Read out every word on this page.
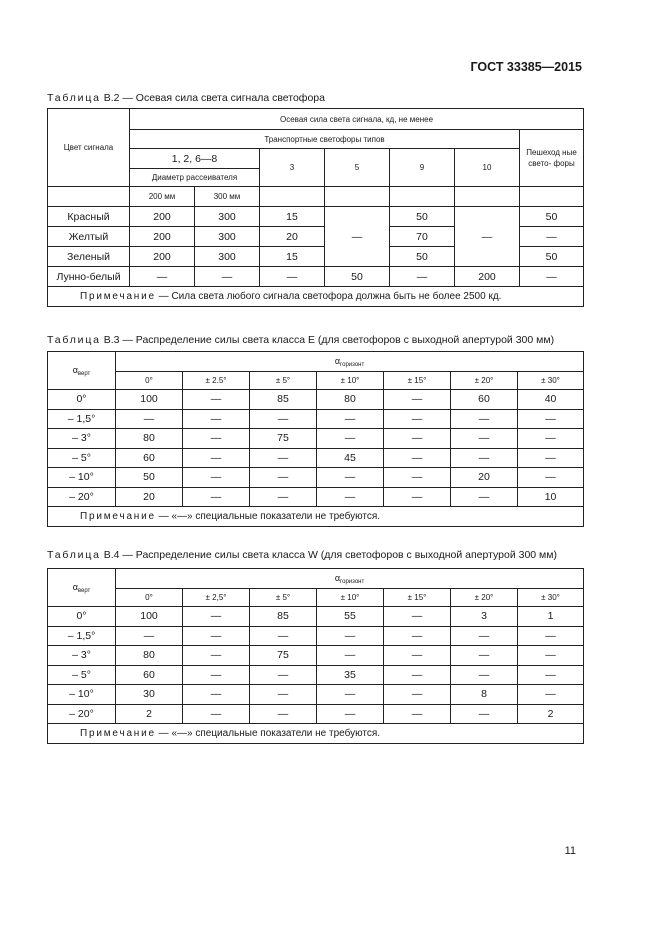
ГОСТ 33385—2015
Таблица В.2 — Осевая сила света сигнала светофора
Цвет сигнала	Осевая сила света сигнала, кд, не менее						
	Транспортные светофоры типов						Пешеход ные свето- форы
	1, 2, 6—8		3	5	9	10	
	Диаметр рассеивателя						
	200 мм	300 мм					
Красный	200	300	15	—	50	—	50
Желтый	200	300	20		70		—
Зеленый	200	300	15		50		50
Лунно-белый	—	—	—	50	—	200	—
Примечание — Сила света любого сигнала светофора должна быть не более 2500 кд.							
Таблица В.3 — Распределение силы света класса Е (для светофоров с выходной апертурой 300 мм)
$\alpha_{верт}$	$\alpha_{горизонт}$
	0°	± 2.5°	± 5°	± 10°	± 15°	± 20°	± 30°
0°	100	—	85	80	—	60	40
– 1,5°	—	—	—	—	—	—	—
– 3°	80	—	75	—	—	—	—
– 5°	60	—	—	45	—	—	—
– 10°	50	—	—	—	—	20	—
– 20°	20	—	—	—	—	—	10
Примечание — «—» специальные показатели не требуются.							
Таблица В.4 — Распределение силы света класса W (для светофоров с выходной апертурой 300 мм)
$\alpha_{верт}$	$\alpha_{горизонт}$
	0°	± 2,5°	± 5°	± 10°	± 15°	± 20°	± 30°
0°	100	—	85	55	—	3	1
– 1,5°	—	—	—	—	—	—	—
– 3°	80	—	75	—	—	—	—
– 5°	60	—	—	35	—	—	—
– 10°	30	—	—	—	—	8	—
– 20°	2	—	—	—	—	—	2
Примечание — «—» специальные показатели не требуются.							
11
